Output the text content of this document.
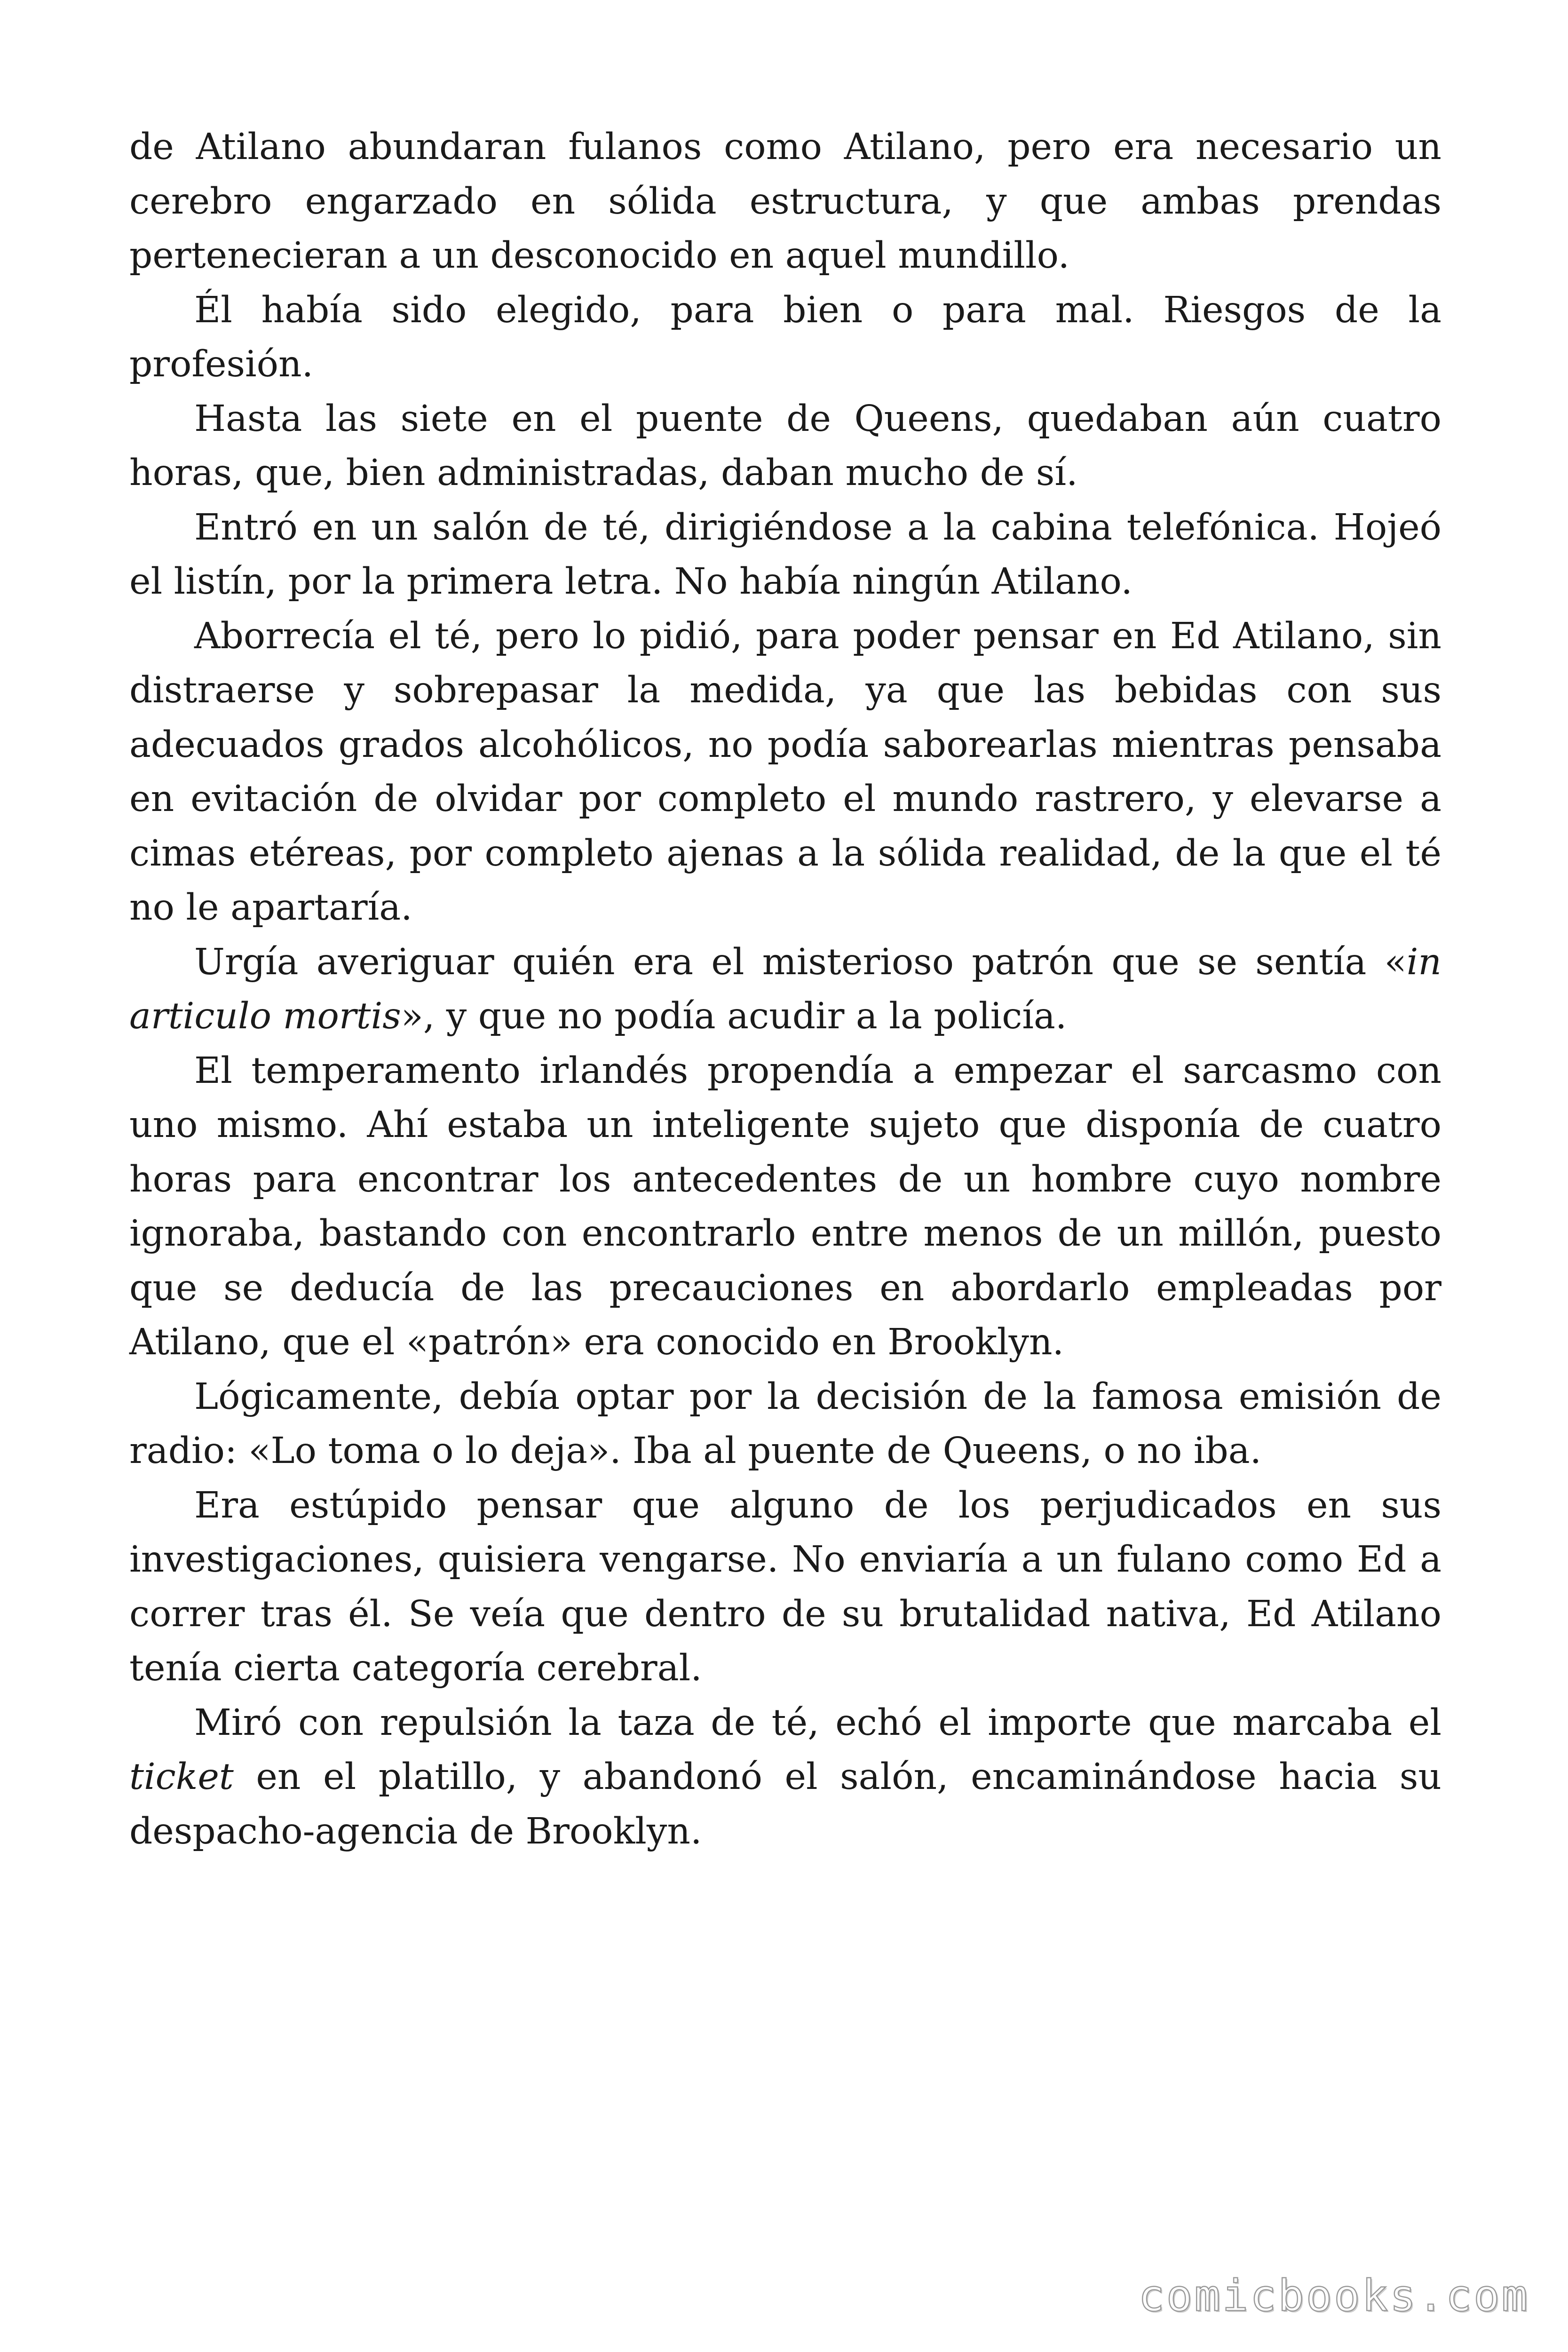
de Atilano abundaran fulanos como Atilano, pero era necesario un cerebro engarzado en sólida estructura, y que ambas prendas pertenecieran a un desconocido en aquel mundillo.

Él había sido elegido, para bien o para mal. Riesgos de la profesión.

Hasta las siete en el puente de Queens, quedaban aún cuatro horas, que, bien administradas, daban mucho de sí.

Entró en un salón de té, dirigiéndose a la cabina telefónica. Hojeó el listín, por la primera letra. No había ningún Atilano.

Aborrecía el té, pero lo pidió, para poder pensar en Ed Atilano, sin distraerse y sobrepasar la medida, ya que las bebidas con sus adecuados grados alcohólicos, no podía saborearlas mientras pensaba en evitación de olvidar por completo el mundo rastrero, y elevarse a cimas etéreas, por completo ajenas a la sólida realidad, de la que el té no le apartaría.

Urgía averiguar quién era el misterioso patrón que se sentía «in articulo mortis», y que no podía acudir a la policía.

El temperamento irlandés propendía a empezar el sarcasmo con uno mismo. Ahí estaba un inteligente sujeto que disponía de cuatro horas para encontrar los antecedentes de un hombre cuyo nombre ignoraba, bastando con encontrarlo entre menos de un millón, puesto que se deducía de las precauciones en abordarlo empleadas por Atilano, que el «patrón» era conocido en Brooklyn.

Lógicamente, debía optar por la decisión de la famosa emisión de radio: «Lo toma o lo deja». Iba al puente de Queens, o no iba.

Era estúpido pensar que alguno de los perjudicados en sus investigaciones, quisiera vengarse. No enviaría a un fulano como Ed a correr tras él. Se veía que dentro de su brutalidad nativa, Ed Atilano tenía cierta categoría cerebral.

Miró con repulsión la taza de té, echó el importe que marcaba el ticket en el platillo, y abandonó el salón, encaminándose hacia su despacho-agencia de Brooklyn.

comicbooks.com
